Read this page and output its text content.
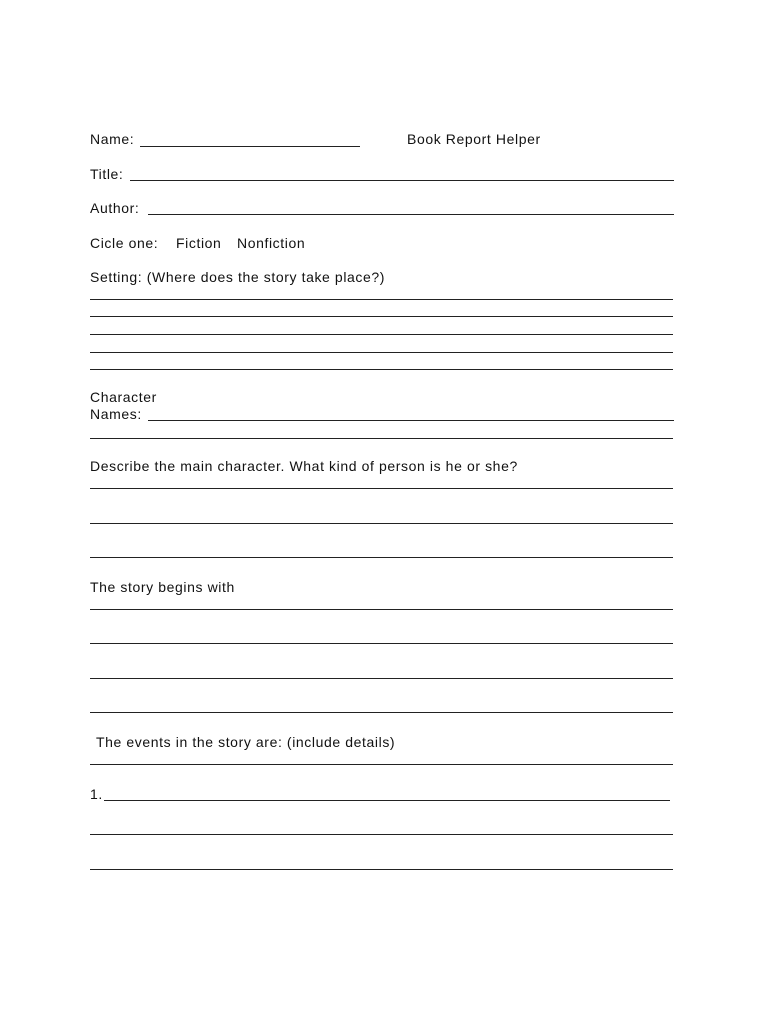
Name:	Book Report Helper
Title:
Author:
Cicle one: Fiction Nonfiction
Setting: (Where does the story take place?)
Character
Names:
Describe the main character. What kind of person is he or she?
The story begins with
The events in the story are: (include details)
1.
